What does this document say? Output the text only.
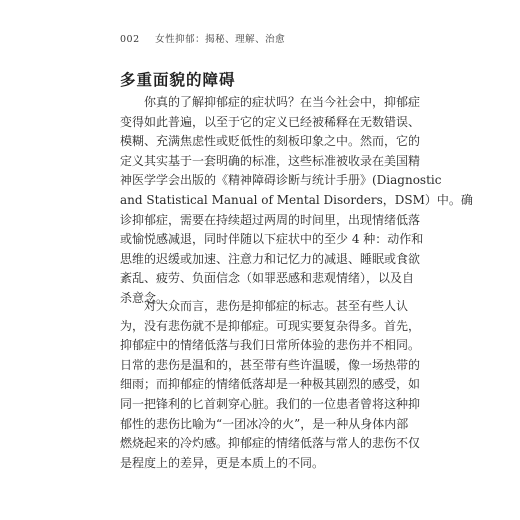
002 女性抑郁：揭秘、理解、治愈
多重面貌的障碍
你真的了解抑郁症的症状吗？在当今社会中，抑郁症
变得如此普遍，以至于它的定义已经被稀释在无数错误、
模糊、充满焦虑性或贬低性的刻板印象之中。然而，它的
定义其实基于一套明确的标准，这些标准被收录在美国精
神医学学会出版的《精神障碍诊断与统计手册》(Diagnostic
and Statistical Manual of Mental Disorders，DSM）中。确
诊抑郁症，需要在持续超过两周的时间里，出现情绪低落
或愉悦感减退，同时伴随以下症状中的至少 4 种：动作和
思维的迟缓或加速、注意力和记忆力的减退、睡眠或食欲
紊乱、疲劳、负面信念（如罪恶感和悲观情绪），以及自
杀意念。
对大众而言，悲伤是抑郁症的标志。甚至有些人认
为，没有悲伤就不是抑郁症。可现实要复杂得多。首先，
抑郁症中的情绪低落与我们日常所体验的悲伤并不相同。
日常的悲伤是温和的，甚至带有些许温暖，像一场热带的
细雨；而抑郁症的情绪低落却是一种极其剧烈的感受，如
同一把锋利的匕首刺穿心脏。我们的一位患者曾将这种抑
郁性的悲伤比喻为“一团冰冷的火”，是一种从身体内部
燃烧起来的冷灼感。抑郁症的情绪低落与常人的悲伤不仅
是程度上的差异，更是本质上的不同。
